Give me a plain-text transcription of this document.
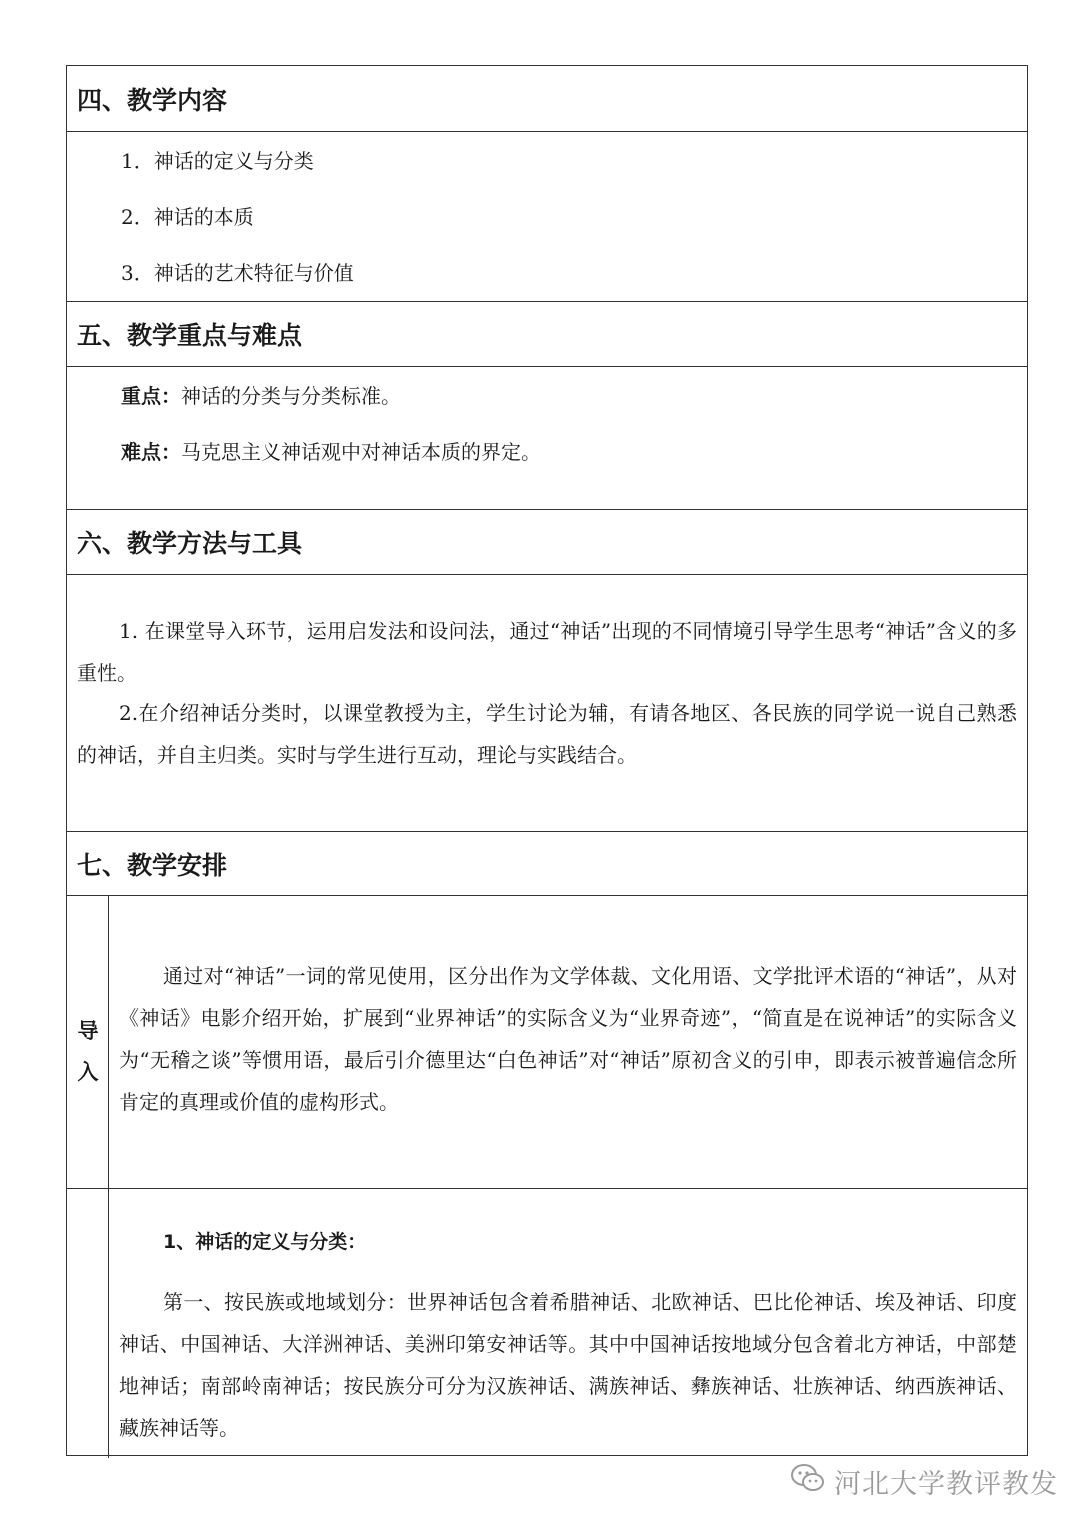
四、教学内容

1．神话的定义与分类

2．神话的本质

3．神话的艺术特征与价值

五、教学重点与难点

重点：神话的分类与分类标准。

难点：马克思主义神话观中对神话本质的界定。

六、教学方法与工具

1. 在课堂导入环节，运用启发法和设问法，通过“神话”出现的不同情境引导学生思考“神话”含义的多重性。

2.在介绍神话分类时，以课堂教授为主，学生讨论为辅，有请各地区、各民族的同学说一说自己熟悉的神话，并自主归类。实时与学生进行互动，理论与实践结合。

七、教学安排
导
入

通过对“神话”一词的常见使用，区分出作为文学体裁、文化用语、文学批评术语的“神话”，从对《神话》电影介绍开始，扩展到“业界神话”的实际含义为“业界奇迹”，“简直是在说神话”的实际含义为“无稽之谈”等惯用语，最后引介德里达“白色神话”对“神话”原初含义的引申，即表示被普遍信念所肯定的真理或价值的虚构形式。

1、神话的定义与分类：

第一、按民族或地域划分：世界神话包含着希腊神话、北欧神话、巴比伦神话、埃及神话、印度神话、中国神话、大洋洲神话、美洲印第安神话等。其中中国神话按地域分包含着北方神话，中部楚地神话；南部岭南神话；按民族分可分为汉族神话、满族神话、彝族神话、壮族神话、纳西族神话、藏族神话等。

河北大学教评教发
